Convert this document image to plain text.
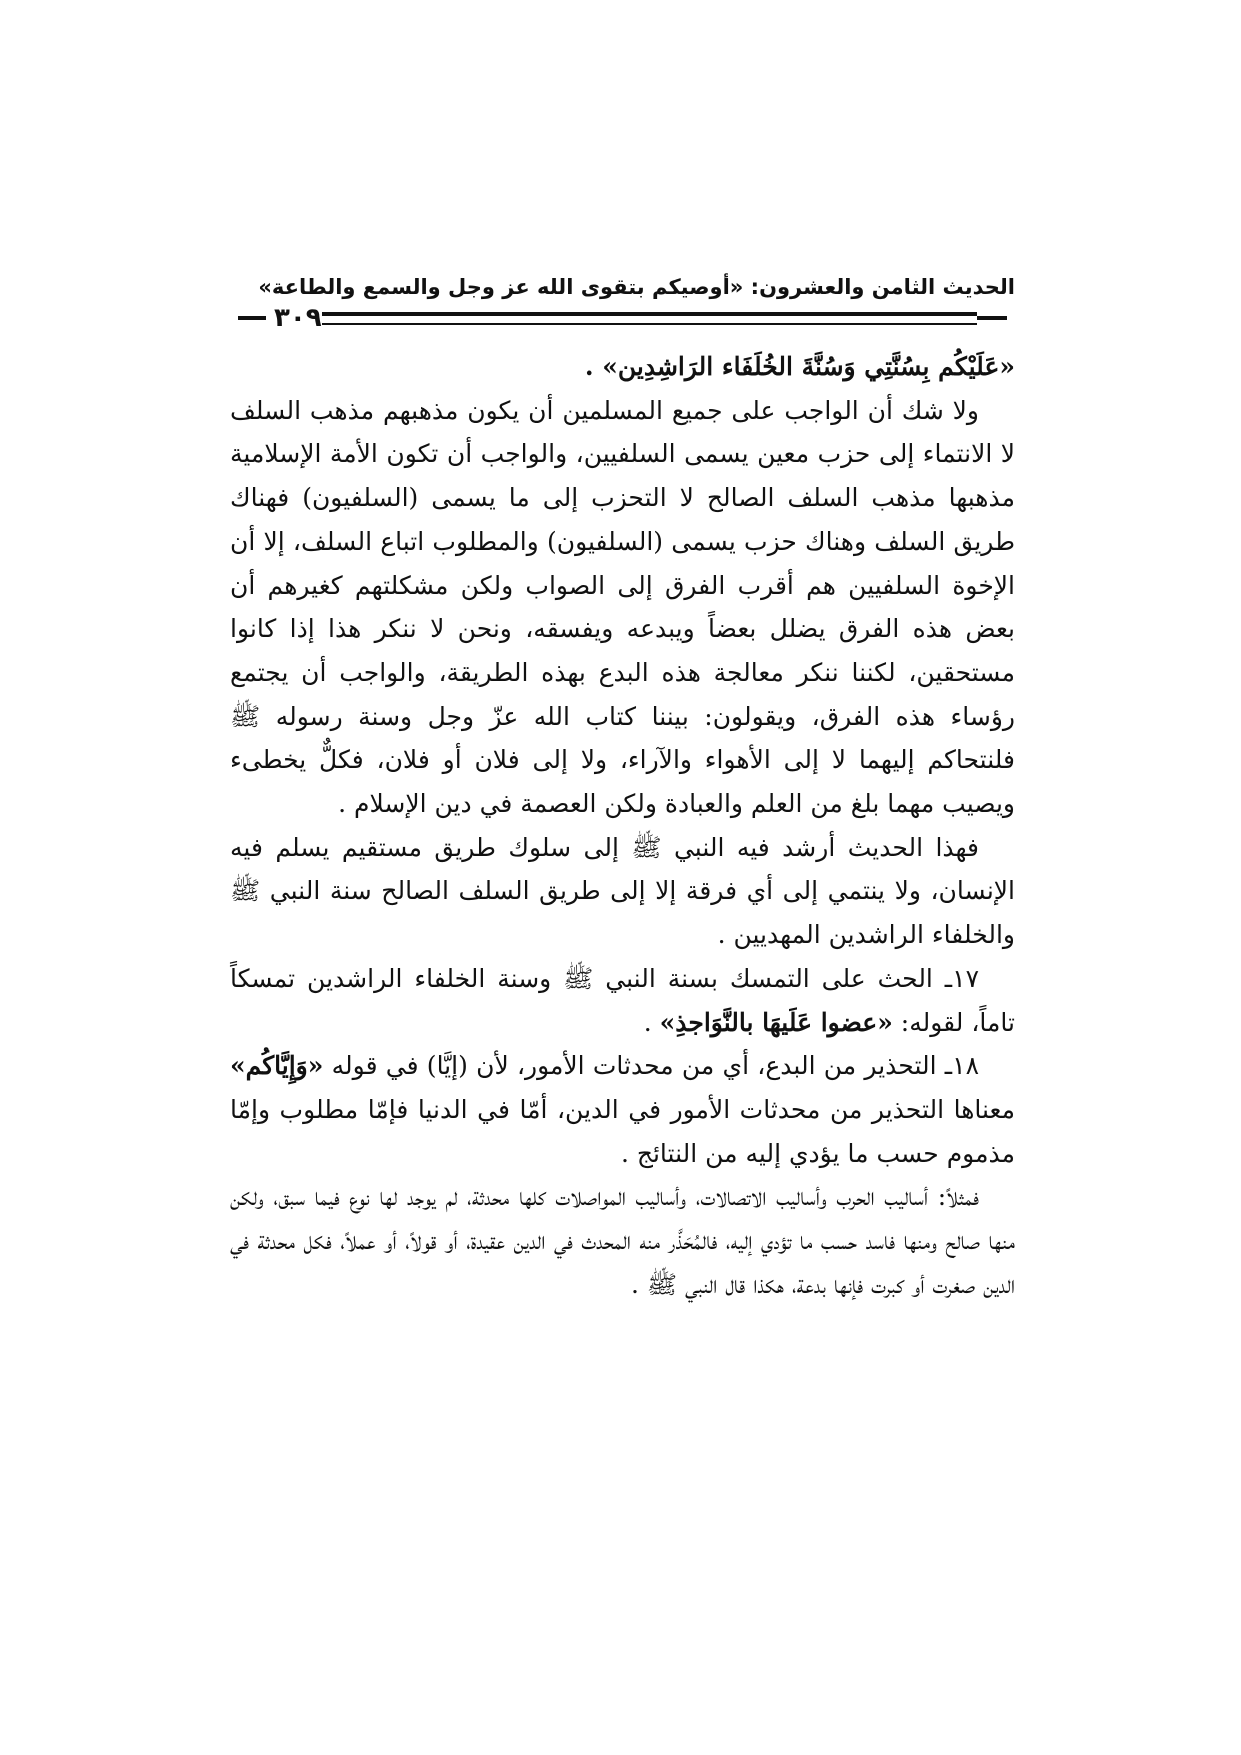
الحديث الثامن والعشرون: «أوصيكم بتقوى الله عز وجل والسمع والطاعة»
٣٠٩

«عَلَيْكُم بِسُنَّتِي وَسُنَّةَ الخُلَفَاء الرَاشِدِين» .

ولا شك أن الواجب على جميع المسلمين أن يكون مذهبهم مذهب السلف لا الانتماء إلى حزب معين يسمى السلفيين، والواجب أن تكون الأمة الإسلامية مذهبها مذهب السلف الصالح لا التحزب إلى ما يسمى (السلفيون) فهناك طريق السلف وهناك حزب يسمى (السلفيون) والمطلوب اتباع السلف، إلا أن الإخوة السلفيين هم أقرب الفرق إلى الصواب ولكن مشكلتهم كغيرهم أن بعض هذه الفرق يضلل بعضاً ويبدعه ويفسقه، ونحن لا ننكر هذا إذا كانوا مستحقين، لكننا ننكر معالجة هذه البدع بهذه الطريقة، والواجب أن يجتمع رؤساء هذه الفرق، ويقولون: بيننا كتاب الله عزّ وجل وسنة رسوله ﷺ فلنتحاكم إليهما لا إلى الأهواء والآراء، ولا إلى فلان أو فلان، فكلٌّ يخطىء ويصيب مهما بلغ من العلم والعبادة ولكن العصمة في دين الإسلام .

فهذا الحديث أرشد فيه النبي ﷺ إلى سلوك طريق مستقيم يسلم فيه الإنسان، ولا ينتمي إلى أي فرقة إلا إلى طريق السلف الصالح سنة النبي ﷺ والخلفاء الراشدين المهديين .

١٧ـ الحث على التمسك بسنة النبي ﷺ وسنة الخلفاء الراشدين تمسكاً تاماً، لقوله: «عضوا عَلَيهَا بالنَّوَاجذِ» .

١٨ـ التحذير من البدع، أي من محدثات الأمور، لأن (إيَّا) في قوله «وَإِيَّاكُم» معناها التحذير من محدثات الأمور في الدين، أمّا في الدنيا فإمّا مطلوب وإمّا مذموم حسب ما يؤدي إليه من النتائج .

فمثلاً: أساليب الحرب وأساليب الاتصالات، وأساليب المواصلات كلها محدثة، لم يوجد لها نوع فيما سبق، ولكن منها صالح ومنها فاسد حسب ما تؤدي إليه، فالمُحَذَّر منه المحدث في الدين عقيدة، أو قولاً، أو عملاً، فكل محدثة في الدين صغرت أو كبرت فإنها بدعة، هكذا قال النبي ﷺ .
